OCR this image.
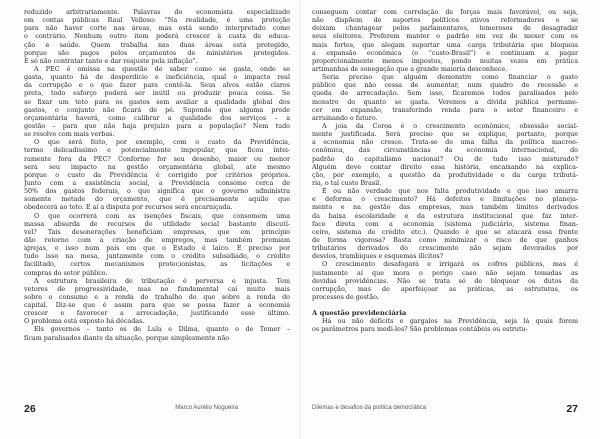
reduzido arbitrariamente. Palavras do economista especializado
em contas públicas Raul Velloso: “Na realidade, é uma proteção
para não haver corte nas áreas, mas está sendo interpretado como
o contrário. Nenhum outro item poderá crescer à custa de educa-
ção e saúde. Quem trabalha nas duas áreas está protegido,
porque são pagos pelos orçamentos de ministérios protegidos.
É só não contratar tanto e dar reajuste pela inflação”.
A PEC é omissa na questão de saber como se gasta, onde se
gasta, quanto há de desperdício e ineficiência, qual o impacto real
da corrupção e o que fazer para contê-la. Seus alvos estão claros
preta, todo esforço poderá ser inútil ou produzir pouca coisa. Se
se fixar um teto para os gastos sem avaliar a qualidade global dos
gastos, o conjunto não ficará de pé. Supondo que alguma prede
orçamentária haverá, como calibrar a qualidade dos serviços – a
gestão – para que não haja prejuízo para a população? Nem tudo
se resolve com mais verbas.
O que será feito, por exemplo, com o custo da Previdência,
termo delicadíssimo e potencialmente impopular, que ficou intei-
ramente fora da PEC? Conforme for seu desenho, maior ou menor
será seu impacto na gestão orçamentária global, até mesmo
porque o custo da Previdência é corrigido por critérios próprios.
Junto com a assistência social, a Previdência consome cerca de
50% dos gastos federais, o que significa que o governo administra
somente metade do orçamento, que é precisamente aquilo que
obedecerá ao teto. E aí a disputa por recursos será encarniçada.
O que ocorrerá com as isenções fiscais, que consomem uma
massa absurda de recursos de utilidade social bastante discutí-
vel? Tais desonerações beneficiam empresas, que em princípio
dão retorno com a criação de empregos, mas também premiam
igrejas, e isso num país em que o Estado é laico. E preciso por
tudo isso na mesa, juntamente com o crédito subsidiado, o crédito
facilitado, certos mecanismos protecionistas, as licitações e
compras do setor público.
A estrutura brasileira de tributação é perversa e injusta. Tem
vetores de progressividade, mas no fundamental cai muito mais
sobre o consumo e a renda do trabalho do que sobre a renda do
capital. Diz-se que é assim para que se possa fazer a economia
crescer e favorecer a arrecadação, justificando esse último.
O problema está exposto há décadas.
Els governos – tanto os de Lula e Dilma, quanto o de Temer –
ficam paralisados diante da situação, porque simplesmente não
26	Marco Aurélio Nogueira
conseguem contar com correlação de forças mais favorável, ou seja,
não dispõem de suportes políticos ativos reformadores e se
deixam chantagear pelos parlamentares, temerosos de desagradar
seus eleitores. Preferem manter o padrão em vez de mexer com os
mais fortes, que alegam suportar uma carga tributária que bloqueia
a expansão econômica (o “custo-Brasil”) e continuam a pagar
proporcionalmente menos impostos, pondo muitas vezes em prática
artimanhas de sonegação que a grande maioria desconhece.
Seria preciso que alguém demonstre como financiar o gasto
público que não cessa de aumentar, num quadro de recessão e
queda de arrecadação. Sem isso, ficaremos todos paralisados pelo
monstro do quanto se gasta. Veremos a dívida pública permane-
cer em expansão, transferindo renda para o setor financeiro e
arruinando o futuro.
A joia da Coroa é o crescimento econômico, obsessão social-
mente justificada. Será preciso que se explique, portanto, porque
a economia não cresce. Trata-se de uma falha da política macroe-
conômica, das circunstâncias da economia internacional, do
padrão do capitalismo nacional? Ou de tudo isso misturado?
Alguém deve contar direito essa história, encaixando na explica-
ção, por exemplo, a questão da produtividade e da carga tributá-
ria, o tal custo Brasil.
É ou não verdade que nos falta produtividade e que isso amarra
e deforma o crescimento? Há defeitos e limitações no planeja-
mento e na gestão das empresas, mas também limites derivados
da baixa escolaridade e da estrutura institucional que faz inter-
face direta com a economia (sistema judiciário, sistema finan-
ceiro, sistema de crédito etc.). Quando é que se atacará essa frente
de forma vigorosa? Basta como minimizar o risco de que ganhos
tributários derivados do crescimento não sejam devorados por
desvios, trambiques e esquemas ilícitos?
O crescimento desafogará e irrigará os cofres públicos, mas é
justamente aí que mora o perigo caso não sejam tomadas as
devidas providências. Não se trata só de bloquear os dutos da
corrupção, mas de aperfeiçoar as práticas, as estruturas, os
processos de gestão.
A questão previdenciária
Há ou não déficits e gargalos na Previdência, seja lá quais forem
os parâmetros para medi-los? São problemas contábeis ou estrutu-
Dilemas e desafios da política democrática	27
